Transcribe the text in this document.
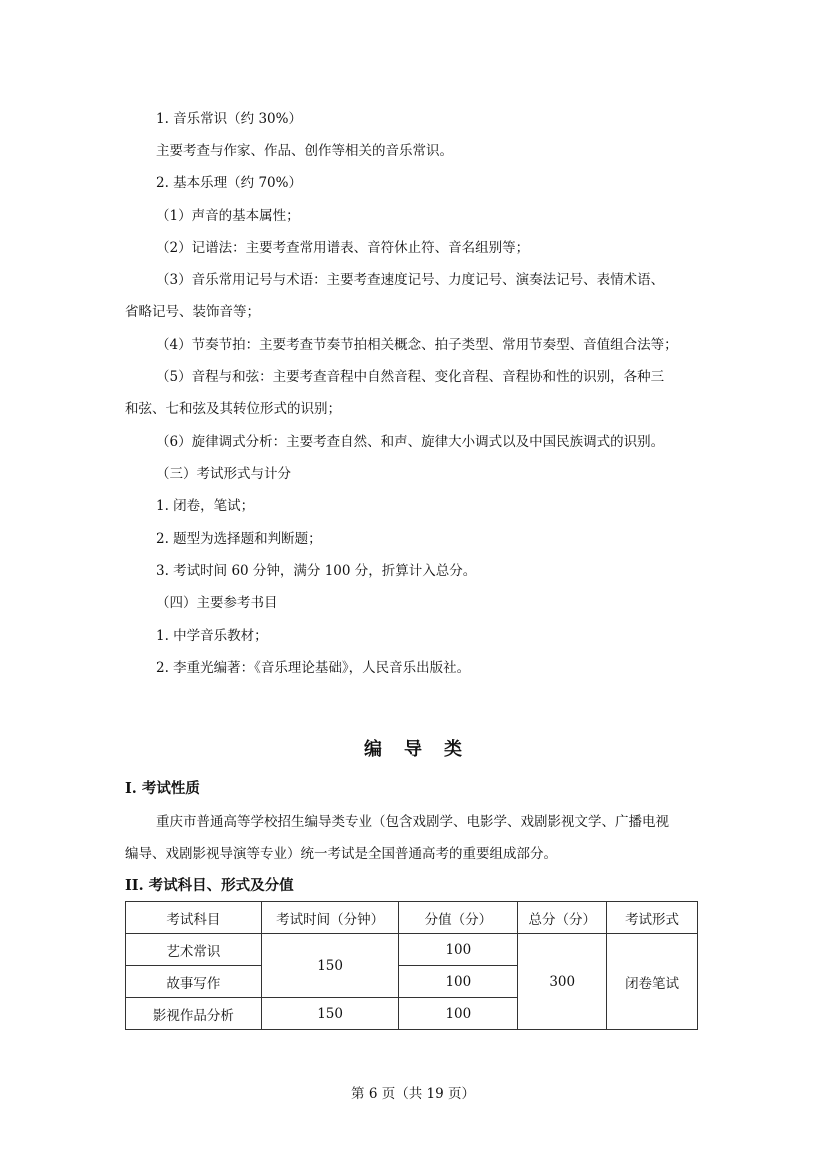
1. 音乐常识（约 30%）
主要考查与作家、作品、创作等相关的音乐常识。
2. 基本乐理（约 70%）
（1）声音的基本属性；
（2）记谱法：主要考查常用谱表、音符休止符、音名组别等；
（3）音乐常用记号与术语：主要考查速度记号、力度记号、演奏法记号、表情术语、
省略记号、装饰音等；
（4）节奏节拍：主要考查节奏节拍相关概念、拍子类型、常用节奏型、音值组合法等；
（5）音程与和弦：主要考查音程中自然音程、变化音程、音程协和性的识别，各种三
和弦、七和弦及其转位形式的识别；
（6）旋律调式分析：主要考查自然、和声、旋律大小调式以及中国民族调式的识别。
（三）考试形式与计分
1. 闭卷，笔试；
2. 题型为选择题和判断题；
3. 考试时间 60 分钟，满分 100 分，折算计入总分。
（四）主要参考书目
1. 中学音乐教材；
2. 李重光编著：《音乐理论基础》，人民音乐出版社。
编导类
I. 考试性质
重庆市普通高等学校招生编导类专业（包含戏剧学、电影学、戏剧影视文学、广播电视
编导、戏剧影视导演等专业）统一考试是全国普通高考的重要组成部分。
II. 考试科目、形式及分值
考试科目	考试时间（分钟）	分值（分）	总分（分）	考试形式
艺术常识	150	100	300	闭卷笔试
故事写作		100		
影视作品分析	150	100		
第 6 页（共 19 页）
